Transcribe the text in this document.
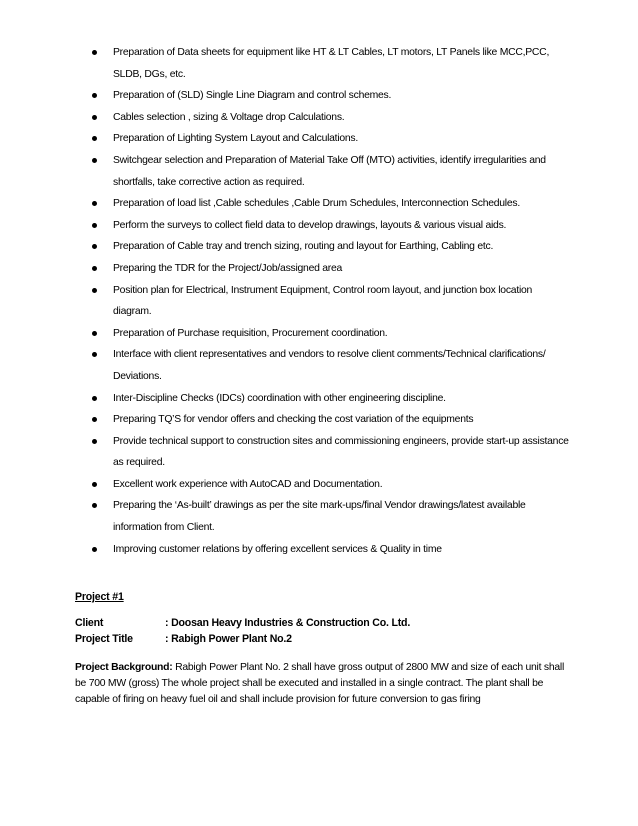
Preparation of Data sheets for equipment like HT & LT Cables, LT motors, LT Panels like MCC,PCC, SLDB, DGs, etc.
Preparation of (SLD) Single Line Diagram and control schemes.
Cables selection , sizing & Voltage drop Calculations.
Preparation of Lighting System Layout and Calculations.
Switchgear selection and Preparation of Material Take Off (MTO) activities, identify irregularities and shortfalls, take corrective action as required.
Preparation of load list ,Cable schedules ,Cable Drum Schedules, Interconnection Schedules.
Perform the surveys to collect field data to develop drawings, layouts & various visual aids.
Preparation of Cable tray and trench sizing, routing and layout for Earthing, Cabling etc.
Preparing the TDR for the Project/Job/assigned area
Position plan for Electrical, Instrument Equipment, Control room layout, and junction box location diagram.
Preparation of Purchase requisition, Procurement coordination.
Interface with client representatives and vendors to resolve client comments/Technical clarifications/ Deviations.
Inter-Discipline Checks (IDCs) coordination with other engineering discipline.
Preparing TQ’S for vendor offers and checking the cost variation of the equipments
Provide technical support to construction sites and commissioning engineers, provide start-up assistance as required.
Excellent work experience with AutoCAD and Documentation.
Preparing the ‘As-built’ drawings as per the site mark-ups/final Vendor drawings/latest available information from Client.
Improving customer relations by offering excellent services & Quality in time
Project #1
Client	: Doosan Heavy Industries & Construction Co. Ltd.
Project Title	: Rabigh Power Plant No.2

Project Background: Rabigh Power Plant No. 2 shall have gross output of 2800 MW and size of each unit shall be 700 MW (gross) The whole project shall be executed and installed in a single contract. The plant shall be capable of firing on heavy fuel oil and shall include provision for future conversion to gas firing
